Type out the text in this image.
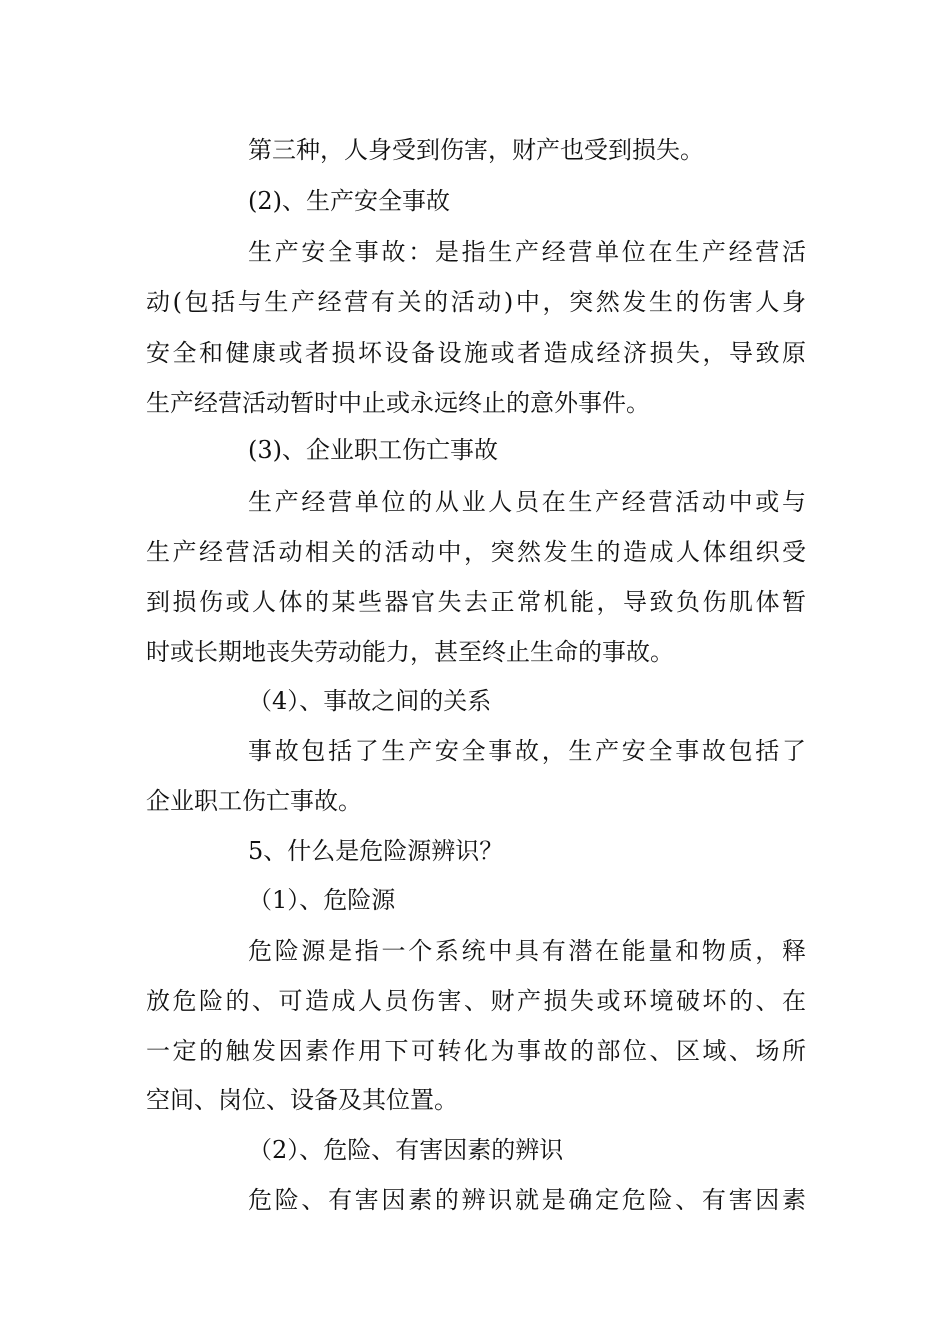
第三种，人身受到伤害，财产也受到损失。
(2)、生产安全事故
生产安全事故：是指生产经营单位在生产经营活
动(包括与生产经营有关的活动)中，突然发生的伤害人身
安全和健康或者损坏设备设施或者造成经济损失，导致原
生产经营活动暂时中止或永远终止的意外事件。
(3)、企业职工伤亡事故
生产经营单位的从业人员在生产经营活动中或与
生产经营活动相关的活动中，突然发生的造成人体组织受
到损伤或人体的某些器官失去正常机能，导致负伤肌体暂
时或长期地丧失劳动能力，甚至终止生命的事故。
（4）、事故之间的关系
事故包括了生产安全事故，生产安全事故包括了
企业职工伤亡事故。
5、什么是危险源辨识？
（1）、危险源
危险源是指一个系统中具有潜在能量和物质，释
放危险的、可造成人员伤害、财产损失或环境破坏的、在
一定的触发因素作用下可转化为事故的部位、区域、场所
空间、岗位、设备及其位置。
（2）、危险、有害因素的辨识
危险、有害因素的辨识就是确定危险、有害因素
